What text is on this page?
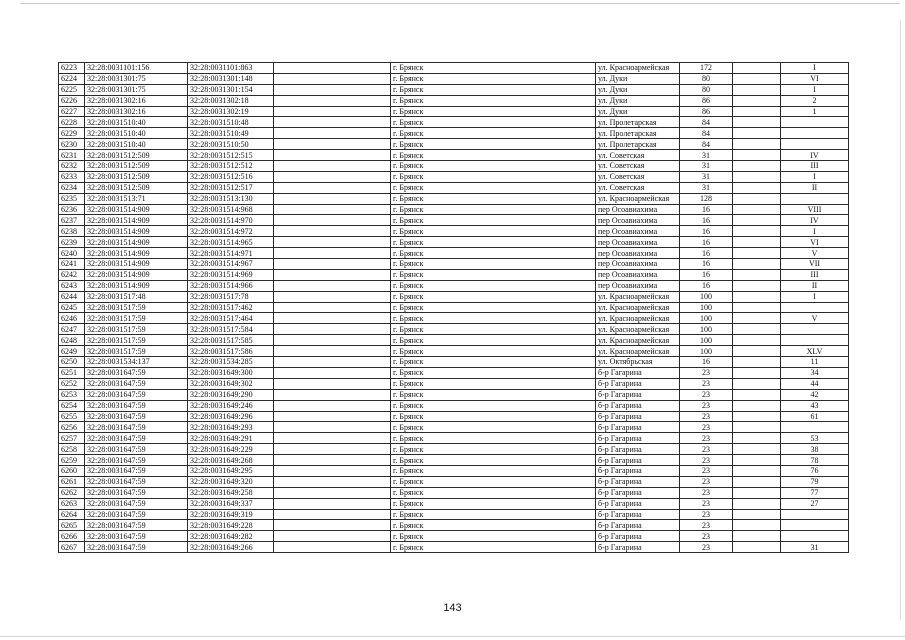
6223	32:28:0031101:156	32:28:0031101:863		г. Брянск	ул. Красноармейская	172		I
6224	32:28:0031301:75	32:28:0031301:148		г. Брянск	ул. Дуки	80		VI
6225	32:28:0031301:75	32:28:0031301:154		г. Брянск	ул. Дуки	80		I
6226	32:28:0031302:16	32:28:0031302:18		г. Брянск	ул. Дуки	86		2
6227	32:28:0031302:16	32:28:0031302:19		г. Брянск	ул. Дуки	86		1
6228	32:28:0031510:40	32:28:0031510:48		г. Брянск	ул. Пролетарская	84		
6229	32:28:0031510:40	32:28:0031510:49		г. Брянск	ул. Пролетарская	84		
6230	32:28:0031510:40	32:28:0031510:50		г. Брянск	ул. Пролетарская	84		
6231	32:28:0031512:509	32:28:0031512:515		г. Брянск	ул. Советская	31		IV
6232	32:28:0031512:509	32:28:0031512:512		г. Брянск	ул. Советская	31		III
6233	32:28:0031512:509	32:28:0031512:516		г. Брянск	ул. Советская	31		I
6234	32:28:0031512:509	32:28:0031512:517		г. Брянск	ул. Советская	31		II
6235	32:28:0031513:71	32:28:0031513:130		г. Брянск	ул. Красноармейская	128		
6236	32:28:0031514:909	32:28:0031514:968		г. Брянск	пер Осоавиахима	16		VIII
6237	32:28:0031514:909	32:28:0031514:970		г. Брянск	пер Осоавиахима	16		IV
6238	32:28:0031514:909	32:28:0031514:972		г. Брянск	пер Осоавиахима	16		I
6239	32:28:0031514:909	32:28:0031514:965		г. Брянск	пер Осоавиахима	16		VI
6240	32:28:0031514:909	32:28:0031514:971		г. Брянск	пер Осоавиахима	16		V
6241	32:28:0031514:909	32:28:0031514:967		г. Брянск	пер Осоавиахима	16		VII
6242	32:28:0031514:909	32:28:0031514:969		г. Брянск	пер Осоавиахима	16		III
6243	32:28:0031514:909	32:28:0031514:966		г. Брянск	пер Осоавиахима	16		II
6244	32:28:0031517:48	32:28:0031517:78		г. Брянск	ул. Красноармейская	100		I
6245	32:28:0031517:59	32:28:0031517:462		г. Брянск	ул. Красноармейская	100		
6246	32:28:0031517:59	32:28:0031517:464		г. Брянск	ул. Красноармейская	100		V
6247	32:28:0031517:59	32:28:0031517:584		г. Брянск	ул. Красноармейская	100		
6248	32:28:0031517:59	32:28:0031517:585		г. Брянск	ул. Красноармейская	100		
6249	32:28:0031517:59	32:28:0031517:586		г. Брянск	ул. Красноармейская	100		XLV
6250	32:28:0031534:137	32:28:0031534:285		г. Брянск	ул. Октябрьская	16		11
6251	32:28:0031647:59	32:28:0031649:300		г. Брянск	б-р Гагарина	23		34
6252	32:28:0031647:59	32:28:0031649:302		г. Брянск	б-р Гагарина	23		44
6253	32:28:0031647:59	32:28:0031649:290		г. Брянск	б-р Гагарина	23		42
6254	32:28:0031647:59	32:28:0031649:246		г. Брянск	б-р Гагарина	23		43
6255	32:28:0031647:59	32:28:0031649:296		г. Брянск	б-р Гагарина	23		61
6256	32:28:0031647:59	32:28:0031649:293		г. Брянск	б-р Гагарина	23		
6257	32:28:0031647:59	32:28:0031649:291		г. Брянск	б-р Гагарина	23		53
6258	32:28:0031647:59	32:28:0031649:229		г. Брянск	б-р Гагарина	23		38
6259	32:28:0031647:59	32:28:0031649:268		г. Брянск	б-р Гагарина	23		78
6260	32:28:0031647:59	32:28:0031649:295		г. Брянск	б-р Гагарина	23		76
6261	32:28:0031647:59	32:28:0031649:320		г. Брянск	б-р Гагарина	23		79
6262	32:28:0031647:59	32:28:0031649:258		г. Брянск	б-р Гагарина	23		77
6263	32:28:0031647:59	32:28:0031649:337		г. Брянск	б-р Гагарина	23		27
6264	32:28:0031647:59	32:28:0031649:319		г. Брянск	б-р Гагарина	23		
6265	32:28:0031647:59	32:28:0031649:228		г. Брянск	б-р Гагарина	23		
6266	32:28:0031647:59	32:28:0031649:282		г. Брянск	б-р Гагарина	23		
6267	32:28:0031647:59	32:28:0031649:266		г. Брянск	б-р Гагарина	23		31
143
